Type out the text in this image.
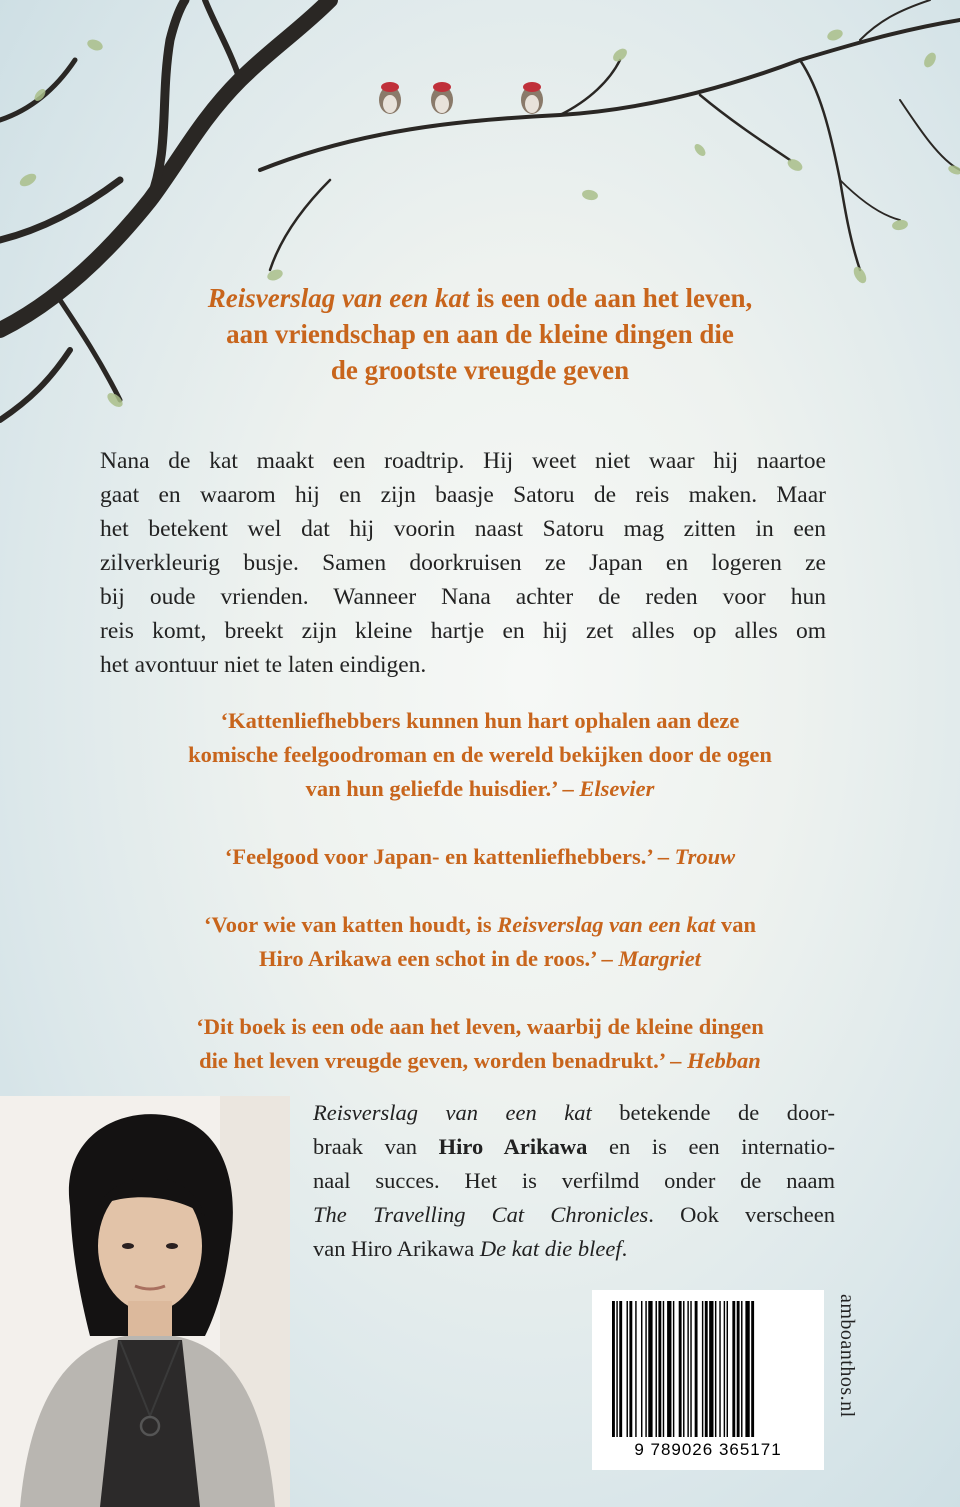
Reisverslag van een kat is een ode aan het leven,
aan vriendschap en aan de kleine dingen die
de grootste vreugde geven
Nana de kat maakt een roadtrip. Hij weet niet waar hij naartoe
gaat en waarom hij en zijn baasje Satoru de reis maken. Maar
het betekent wel dat hij voorin naast Satoru mag zitten in een
zilverkleurig busje. Samen doorkruisen ze Japan en logeren ze
bij oude vrienden. Wanneer Nana achter de reden voor hun
reis komt, breekt zijn kleine hartje en hij zet alles op alles om
het avontuur niet te laten eindigen.
‘Kattenliefhebbers kunnen hun hart ophalen aan deze
komische feelgoodroman en de wereld bekijken door de ogen
van hun geliefde huisdier.’ – Elsevier
‘Feelgood voor Japan- en kattenliefhebbers.’ – Trouw
‘Voor wie van katten houdt, is Reisverslag van een kat van
Hiro Arikawa een schot in de roos.’ – Margriet
‘Dit boek is een ode aan het leven, waarbij de kleine dingen
die het leven vreugde geven, worden benadrukt.’ – Hebban
Reisverslag van een kat betekende de door-
braak van Hiro Arikawa en is een internatio-
naal succes. Het is verfilmd onder de naam
The Travelling Cat Chronicles. Ook verscheen
van Hiro Arikawa De kat die bleef.
9 789026 365171
amboanthos.nl
